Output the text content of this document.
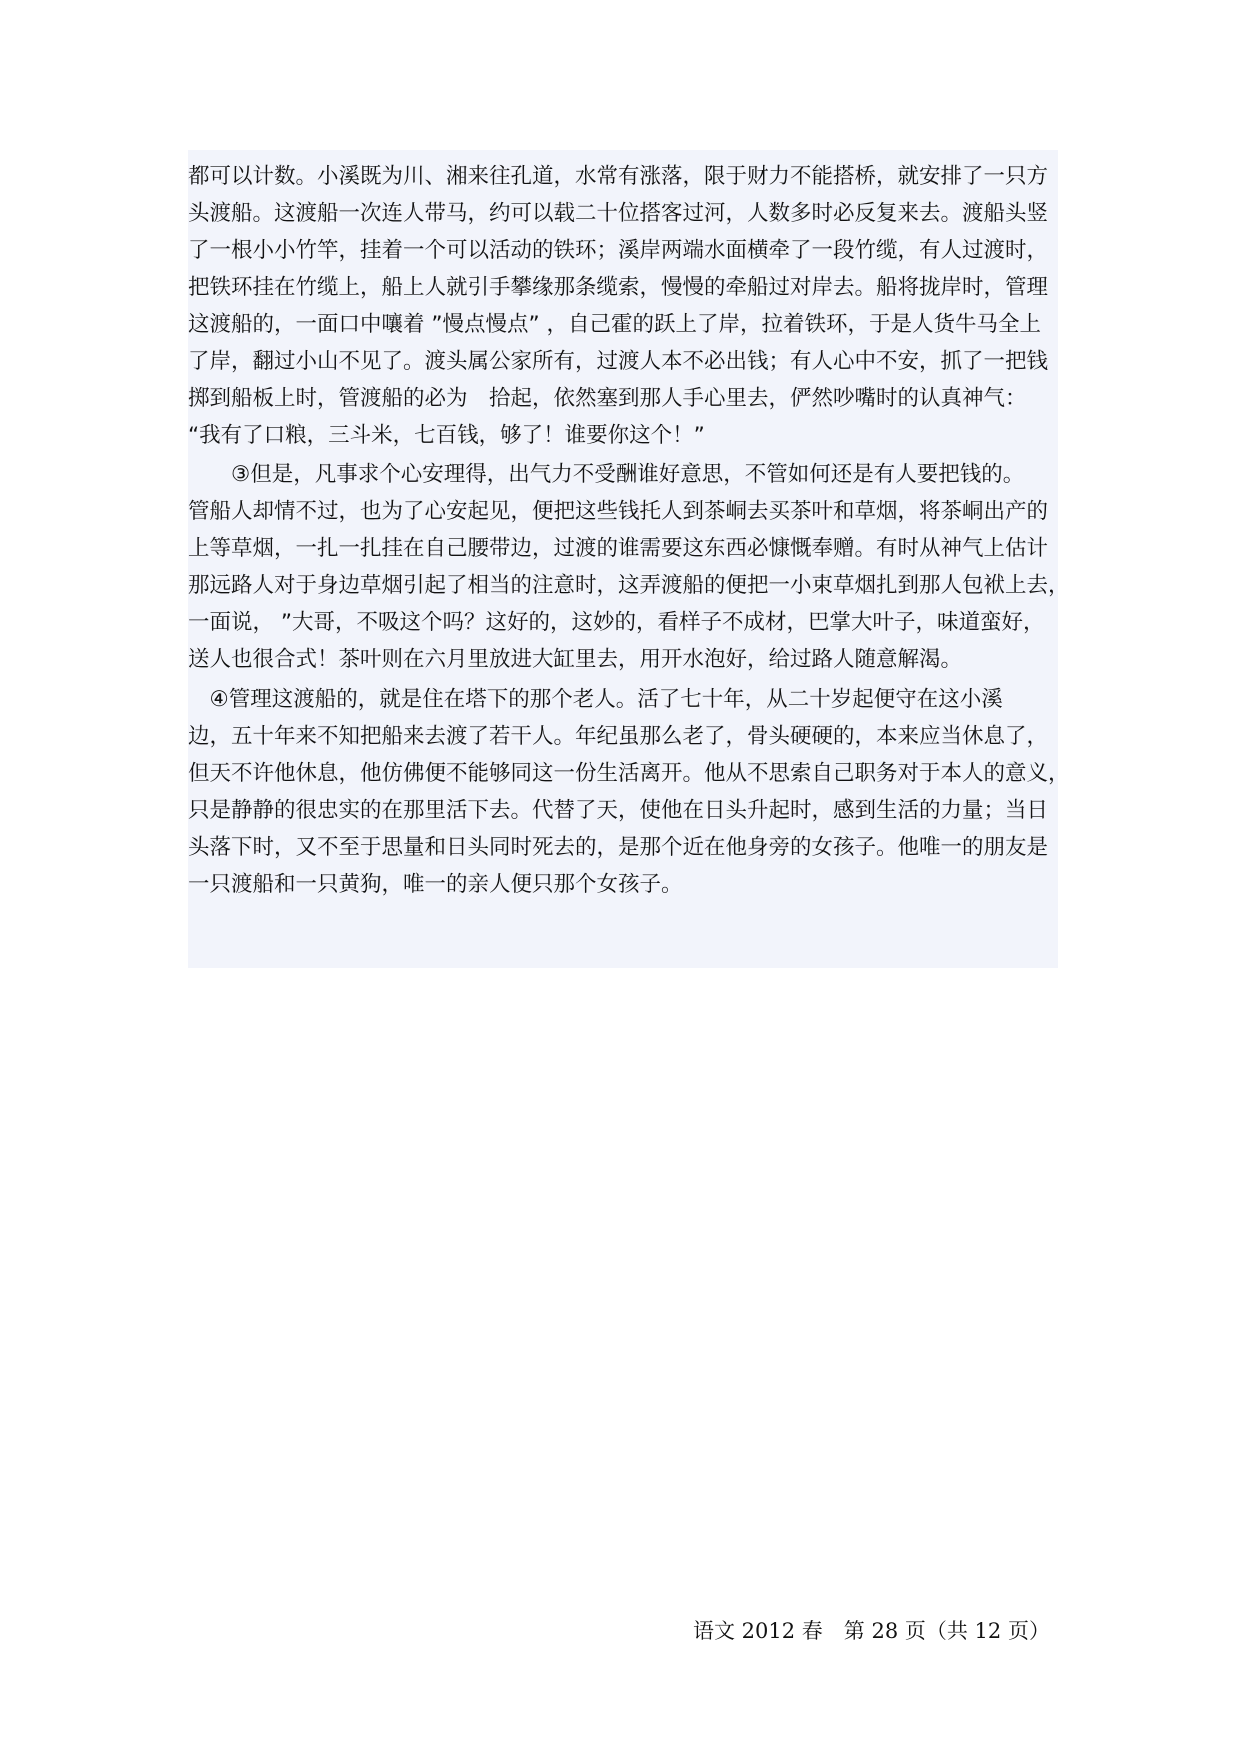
都可以计数。小溪既为川、湘来往孔道，水常有涨落，限于财力不能搭桥，就安排了一只方
头渡船。这渡船一次连人带马，约可以载二十位搭客过河，人数多时必反复来去。渡船头竖
了一根小小竹竿，挂着一个可以活动的铁环；溪岸两端水面横牵了一段竹缆，有人过渡时，
把铁环挂在竹缆上，船上人就引手攀缘那条缆索，慢慢的牵船过对岸去。船将拢岸时，管理
这渡船的，一面口中嚷着 ”慢点慢点” ，自己霍的跃上了岸，拉着铁环，于是人货牛马全上
了岸，翻过小山不见了。渡头属公家所有，过渡人本不必出钱；有人心中不安，抓了一把钱
掷到船板上时，管渡船的必为　拾起，依然塞到那人手心里去，俨然吵嘴时的认真神气：
“我有了口粮，三斗米，七百钱，够了！谁要你这个！”
　　③但是，凡事求个心安理得，出气力不受酬谁好意思，不管如何还是有人要把钱的。
管船人却情不过，也为了心安起见，便把这些钱托人到茶峒去买茶叶和草烟，将茶峒出产的
上等草烟，一扎一扎挂在自己腰带边，过渡的谁需要这东西必慷慨奉赠。有时从神气上估计
那远路人对于身边草烟引起了相当的注意时，这弄渡船的便把一小束草烟扎到那人包袱上去，
一面说， ”大哥，不吸这个吗？这好的，这妙的，看样子不成材，巴掌大叶子，味道蛮好，
送人也很合式！茶叶则在六月里放进大缸里去，用开水泡好，给过路人随意解渴。
　④管理这渡船的，就是住在塔下的那个老人。活了七十年，从二十岁起便守在这小溪
边，五十年来不知把船来去渡了若干人。年纪虽那么老了，骨头硬硬的，本来应当休息了，
但天不许他休息，他仿佛便不能够同这一份生活离开。他从不思索自己职务对于本人的意义，
只是静静的很忠实的在那里活下去。代替了天，使他在日头升起时，感到生活的力量；当日
头落下时，又不至于思量和日头同时死去的，是那个近在他身旁的女孩子。他唯一的朋友是
一只渡船和一只黄狗，唯一的亲人便只那个女孩子。
语文 2012 春　第 28 页（共 12 页）
